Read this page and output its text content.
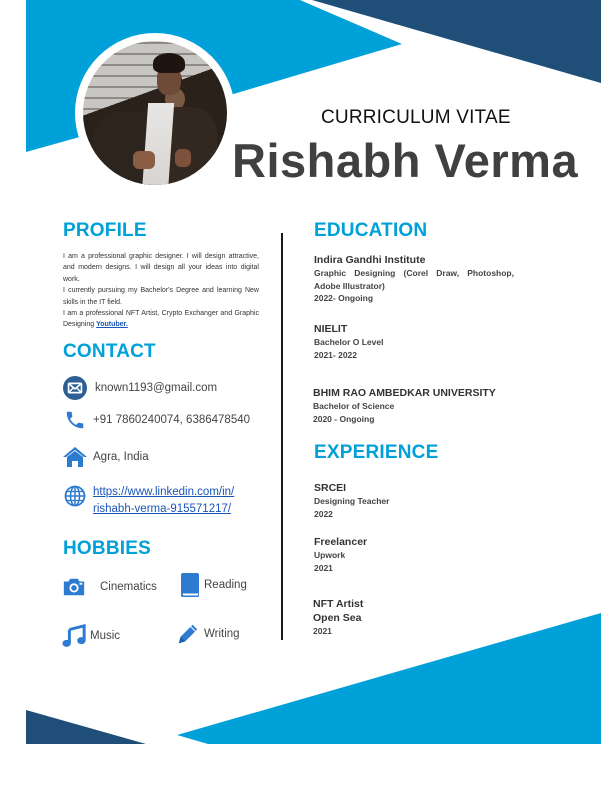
CURRICULUM VITAE
Rishabh Verma
PROFILE

I am a professional graphic designer. I will design attractive, and modern designs. I will design all your ideas into digital work.

I currently pursuing my Bachelor's Degree and learning New skills in the IT field.

I am a professional NFT Artist, Crypto Exchanger and Graphic Designing Youtuber.

CONTACT
known1193@gmail.com
+91 7860240074, 6386478540
Agra, India
https://www.linkedin.com/in/
rishabh-verma-915571217/
HOBBIES
Cinematics	Reading
Music	Writing
EDUCATION
Indira Gandhi Institute
Graphic Designing (Corel Draw, Photoshop, Adobe Illustrator)
2022- Ongoing
NIELIT
Bachelor O Level
2021- 2022
BHIM RAO AMBEDKAR UNIVERSITY
Bachelor of Science
2020 - Ongoing
EXPERIENCE
SRCEI
Designing Teacher
2022
Freelancer
Upwork
2021
NFT Artist
Open Sea
2021
